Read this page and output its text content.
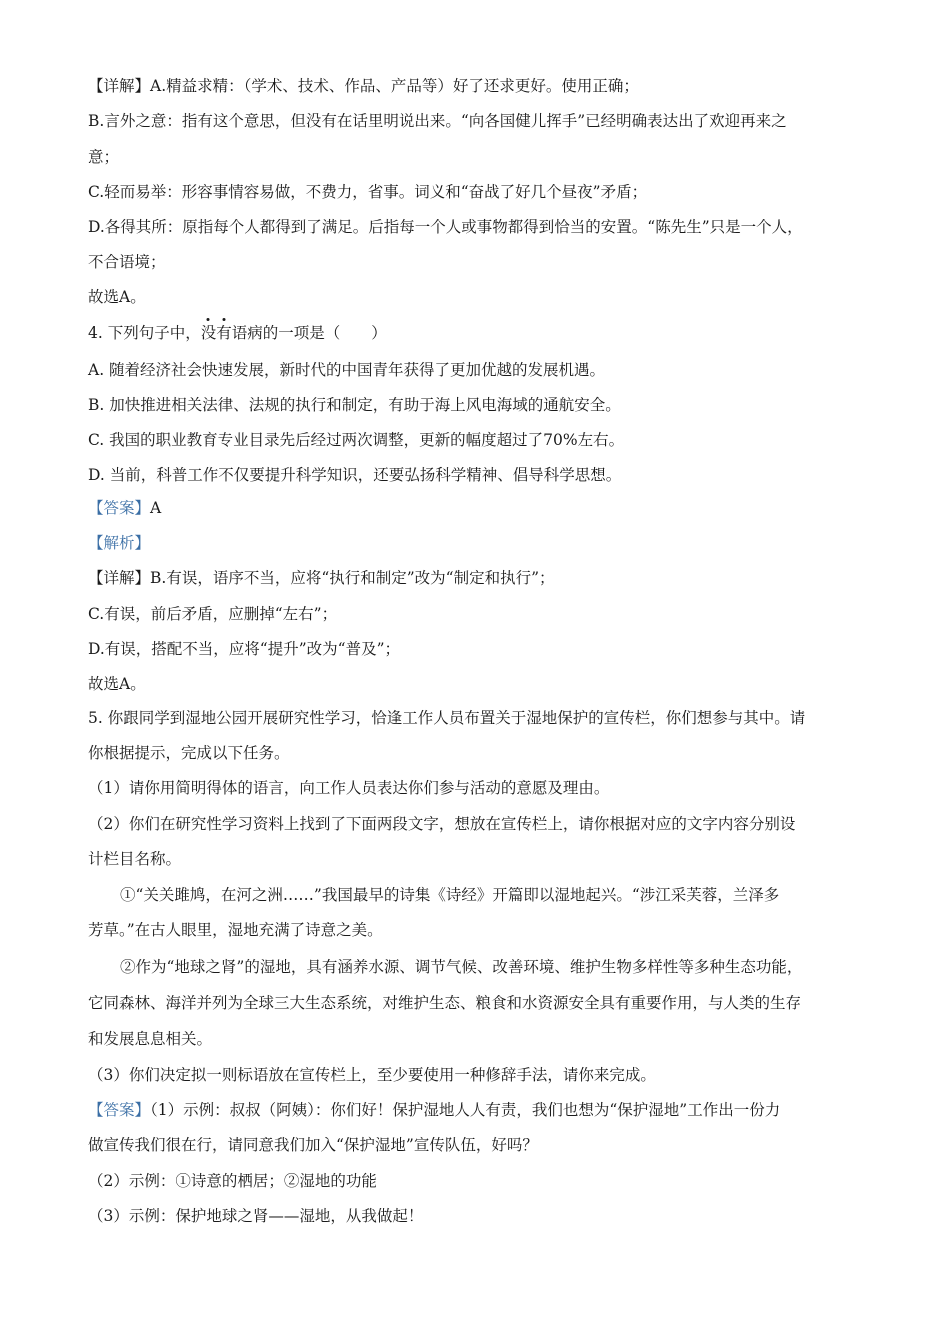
【详解】A.精益求精：（学术、技术、作品、产品等）好了还求更好。使用正确；
B.言外之意：指有这个意思，但没有在话里明说出来。“向各国健儿挥手”已经明确表达出了欢迎再来之
意；
C.轻而易举：形容事情容易做，不费力，省事。词义和“奋战了好几个昼夜”矛盾；
D.各得其所：原指每个人都得到了满足。后指每一个人或事物都得到恰当的安置。“陈先生”只是一个人，
不合语境；
故选A。
4. 下列句子中，没有语病的一项是（　　）
A. 随着经济社会快速发展，新时代的中国青年获得了更加优越的发展机遇。
B. 加快推进相关法律、法规的执行和制定，有助于海上风电海域的通航安全。
C. 我国的职业教育专业目录先后经过两次调整，更新的幅度超过了70%左右。
D. 当前，科普工作不仅要提升科学知识，还要弘扬科学精神、倡导科学思想。
【答案】A
【解析】
【详解】B.有误，语序不当，应将“执行和制定”改为“制定和执行”；
C.有误，前后矛盾，应删掉“左右”；
D.有误，搭配不当，应将“提升”改为“普及”；
故选A。
5. 你跟同学到湿地公园开展研究性学习，恰逢工作人员布置关于湿地保护的宣传栏，你们想参与其中。请
你根据提示，完成以下任务。
（1）请你用简明得体的语言，向工作人员表达你们参与活动的意愿及理由。
（2）你们在研究性学习资料上找到了下面两段文字，想放在宣传栏上，请你根据对应的文字内容分别设
计栏目名称。
①“关关雎鸠，在河之洲……”我国最早的诗集《诗经》开篇即以湿地起兴。“涉江采芙蓉，兰泽多
芳草。”在古人眼里，湿地充满了诗意之美。
②作为“地球之肾”的湿地，具有涵养水源、调节气候、改善环境、维护生物多样性等多种生态功能，
它同森林、海洋并列为全球三大生态系统，对维护生态、粮食和水资源安全具有重要作用，与人类的生存
和发展息息相关。
（3）你们决定拟一则标语放在宣传栏上，至少要使用一种修辞手法，请你来完成。
【答案】（1）示例：叔叔（阿姨）：你们好！保护湿地人人有责，我们也想为“保护湿地”工作出一份力
做宣传我们很在行，请同意我们加入“保护湿地”宣传队伍，好吗？
（2）示例：①诗意的栖居；②湿地的功能
（3）示例：保护地球之肾——湿地，从我做起！
